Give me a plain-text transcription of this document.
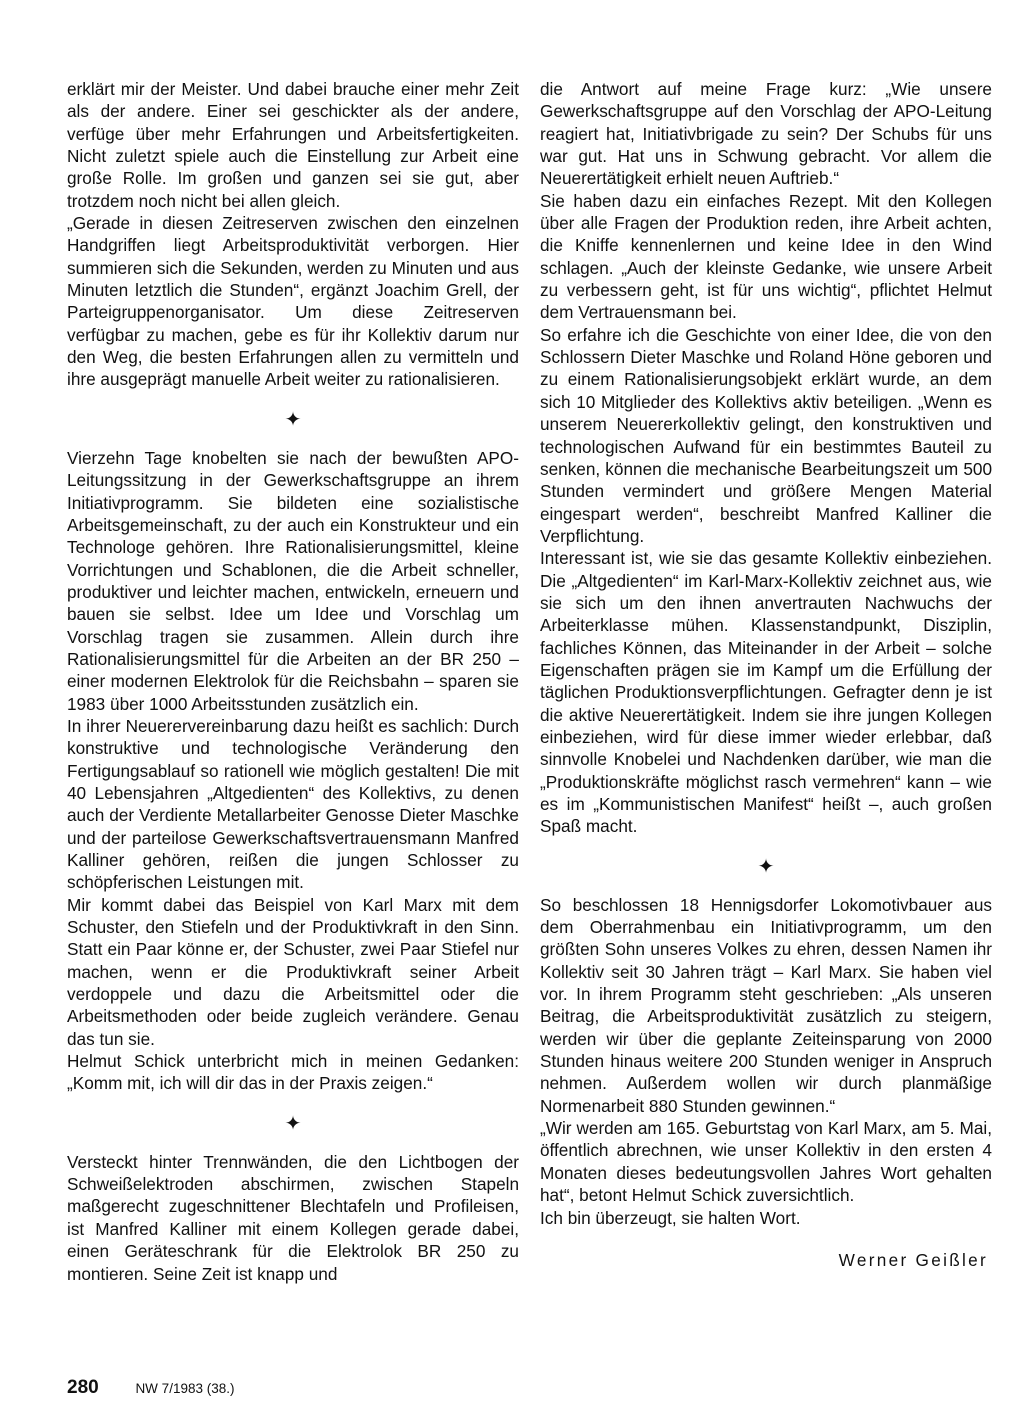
erklärt mir der Meister. Und dabei brauche einer mehr Zeit als der andere. Einer sei geschickter als der andere, verfüge über mehr Erfahrungen und Arbeitsfertigkeiten. Nicht zuletzt spiele auch die Einstellung zur Arbeit eine große Rolle. Im großen und ganzen sei sie gut, aber trotzdem noch nicht bei allen gleich.

„Gerade in diesen Zeitreserven zwischen den einzelnen Handgriffen liegt Arbeitsproduktivität verborgen. Hier summieren sich die Sekunden, werden zu Minuten und aus Minuten letztlich die Stunden“, ergänzt Joachim Grell, der Parteigruppenorganisator. Um diese Zeitreserven verfügbar zu machen, gebe es für ihr Kollektiv darum nur den Weg, die besten Erfahrungen allen zu vermitteln und ihre ausgeprägt manuelle Arbeit weiter zu rationalisieren.

✦

Vierzehn Tage knobelten sie nach der bewußten APO-Leitungssitzung in der Gewerkschaftsgruppe an ihrem Initiativprogramm. Sie bildeten eine sozialistische Arbeitsgemeinschaft, zu der auch ein Konstrukteur und ein Technologe gehören. Ihre Rationalisierungsmittel, kleine Vorrichtungen und Schablonen, die die Arbeit schneller, produktiver und leichter machen, entwickeln, erneuern und bauen sie selbst. Idee um Idee und Vorschlag um Vorschlag tragen sie zusammen. Allein durch ihre Rationalisierungsmittel für die Arbeiten an der BR 250 – einer modernen Elektrolok für die Reichsbahn – sparen sie 1983 über 1000 Arbeitsstunden zusätzlich ein.

In ihrer Neuerervereinbarung dazu heißt es sachlich: Durch konstruktive und technologische Veränderung den Fertigungsablauf so rationell wie möglich gestalten! Die mit 40 Lebensjahren „Altgedienten“ des Kollektivs, zu denen auch der Verdiente Metallarbeiter Genosse Dieter Maschke und der parteilose Gewerkschaftsvertrauensmann Manfred Kalliner gehören, reißen die jungen Schlosser zu schöpferischen Leistungen mit.

Mir kommt dabei das Beispiel von Karl Marx mit dem Schuster, den Stiefeln und der Produktivkraft in den Sinn. Statt ein Paar könne er, der Schuster, zwei Paar Stiefel nur machen, wenn er die Produktivkraft seiner Arbeit verdoppele und dazu die Arbeitsmittel oder die Arbeitsmethoden oder beide zugleich verändere. Genau das tun sie.

Helmut Schick unterbricht mich in meinen Gedanken: „Komm mit, ich will dir das in der Praxis zeigen.“

✦

Versteckt hinter Trennwänden, die den Lichtbogen der Schweißelektroden abschirmen, zwischen Stapeln maßgerecht zugeschnittener Blechtafeln und Profileisen, ist Manfred Kalliner mit einem Kollegen gerade dabei, einen Geräteschrank für die Elektrolok BR 250 zu montieren. Seine Zeit ist knapp und

die Antwort auf meine Frage kurz: „Wie unsere Gewerkschaftsgruppe auf den Vorschlag der APO-Leitung reagiert hat, Initiativbrigade zu sein? Der Schubs für uns war gut. Hat uns in Schwung gebracht. Vor allem die Neuerertätigkeit erhielt neuen Auftrieb.“

Sie haben dazu ein einfaches Rezept. Mit den Kollegen über alle Fragen der Produktion reden, ihre Arbeit achten, die Kniffe kennenlernen und keine Idee in den Wind schlagen. „Auch der kleinste Gedanke, wie unsere Arbeit zu verbessern geht, ist für uns wichtig“, pflichtet Helmut dem Vertrauensmann bei.

So erfahre ich die Geschichte von einer Idee, die von den Schlossern Dieter Maschke und Roland Höne geboren und zu einem Rationalisierungsobjekt erklärt wurde, an dem sich 10 Mitglieder des Kollektivs aktiv beteiligen. „Wenn es unserem Neuererkollektiv gelingt, den konstruktiven und technologischen Aufwand für ein bestimmtes Bauteil zu senken, können die mechanische Bearbeitungszeit um 500 Stunden vermindert und größere Mengen Material eingespart werden“, beschreibt Manfred Kalliner die Verpflichtung.

Interessant ist, wie sie das gesamte Kollektiv einbeziehen. Die „Altgedienten“ im Karl-Marx-Kollektiv zeichnet aus, wie sie sich um den ihnen anvertrauten Nachwuchs der Arbeiterklasse mühen. Klassenstandpunkt, Disziplin, fachliches Können, das Miteinander in der Arbeit – solche Eigenschaften prägen sie im Kampf um die Erfüllung der täglichen Produktionsverpflichtungen. Gefragter denn je ist die aktive Neuerertätigkeit. Indem sie ihre jungen Kollegen einbeziehen, wird für diese immer wieder erlebbar, daß sinnvolle Knobelei und Nachdenken darüber, wie man die „Produktionskräfte möglichst rasch vermehren“ kann – wie es im „Kommunistischen Manifest“ heißt –, auch großen Spaß macht.

✦

So beschlossen 18 Hennigsdorfer Lokomotivbauer aus dem Oberrahmenbau ein Initiativprogramm, um den größten Sohn unseres Volkes zu ehren, dessen Namen ihr Kollektiv seit 30 Jahren trägt – Karl Marx. Sie haben viel vor. In ihrem Programm steht geschrieben: „Als unseren Beitrag, die Arbeitsproduktivität zusätzlich zu steigern, werden wir über die geplante Zeiteinsparung von 2000 Stunden hinaus weitere 200 Stunden weniger in Anspruch nehmen. Außerdem wollen wir durch planmäßige Normenarbeit 880 Stunden gewinnen.“

„Wir werden am 165. Geburtstag von Karl Marx, am 5. Mai, öffentlich abrechnen, wie unser Kollektiv in den ersten 4 Monaten dieses bedeutungsvollen Jahres Wort gehalten hat“, betont Helmut Schick zuversichtlich.

Ich bin überzeugt, sie halten Wort.

Werner Geißler
280	NW 7/1983 (38.)
